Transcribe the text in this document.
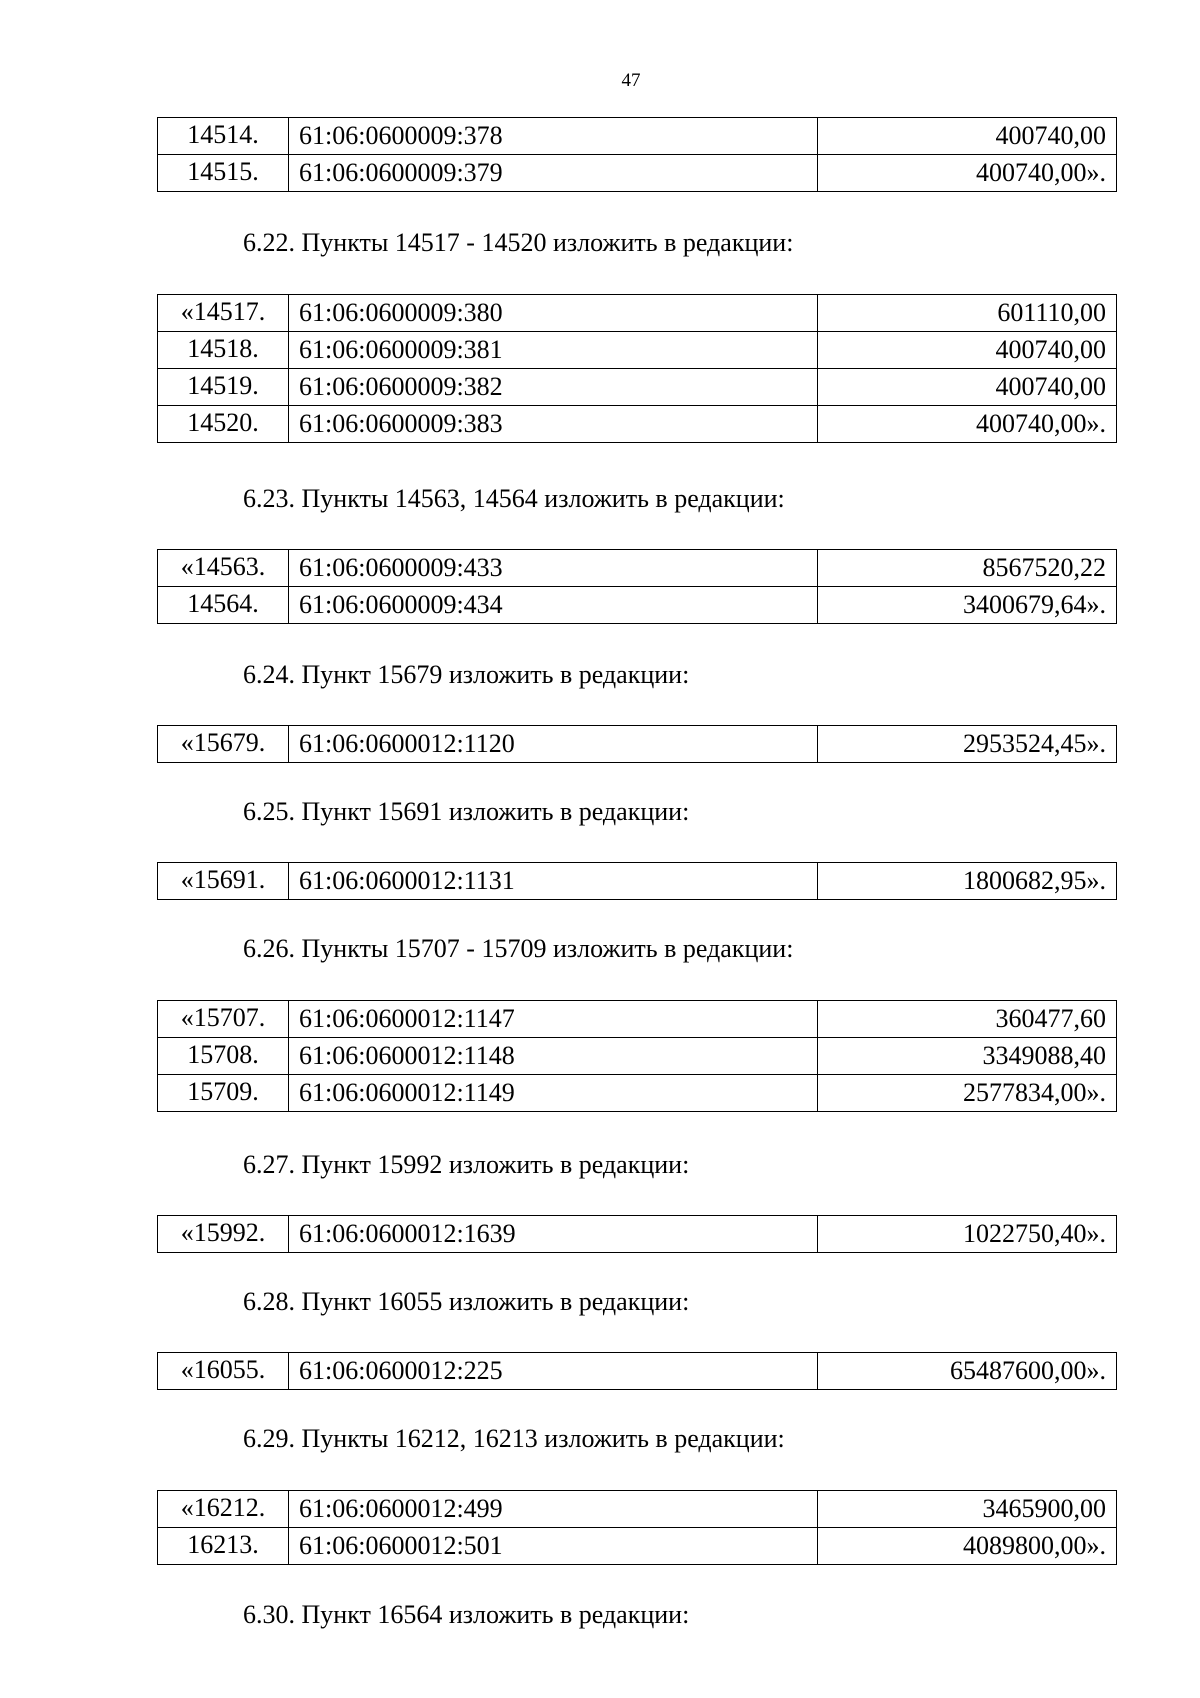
47
14514.	61:06:0600009:378	400740,00
14515.	61:06:0600009:379	400740,00».
6.22. Пункты 14517 - 14520 изложить в редакции:
«14517.	61:06:0600009:380	601110,00
14518.	61:06:0600009:381	400740,00
14519.	61:06:0600009:382	400740,00
14520.	61:06:0600009:383	400740,00».
6.23. Пункты 14563, 14564 изложить в редакции:
«14563.	61:06:0600009:433	8567520,22
14564.	61:06:0600009:434	3400679,64».
6.24. Пункт 15679 изложить в редакции:
«15679.	61:06:0600012:1120	2953524,45».
6.25. Пункт 15691 изложить в редакции:
«15691.	61:06:0600012:1131	1800682,95».
6.26. Пункты 15707 - 15709 изложить в редакции:
«15707.	61:06:0600012:1147	360477,60
15708.	61:06:0600012:1148	3349088,40
15709.	61:06:0600012:1149	2577834,00».
6.27. Пункт 15992 изложить в редакции:
«15992.	61:06:0600012:1639	1022750,40».
6.28. Пункт 16055 изложить в редакции:
«16055.	61:06:0600012:225	65487600,00».
6.29. Пункты 16212, 16213 изложить в редакции:
«16212.	61:06:0600012:499	3465900,00
16213.	61:06:0600012:501	4089800,00».
6.30. Пункт 16564 изложить в редакции:
